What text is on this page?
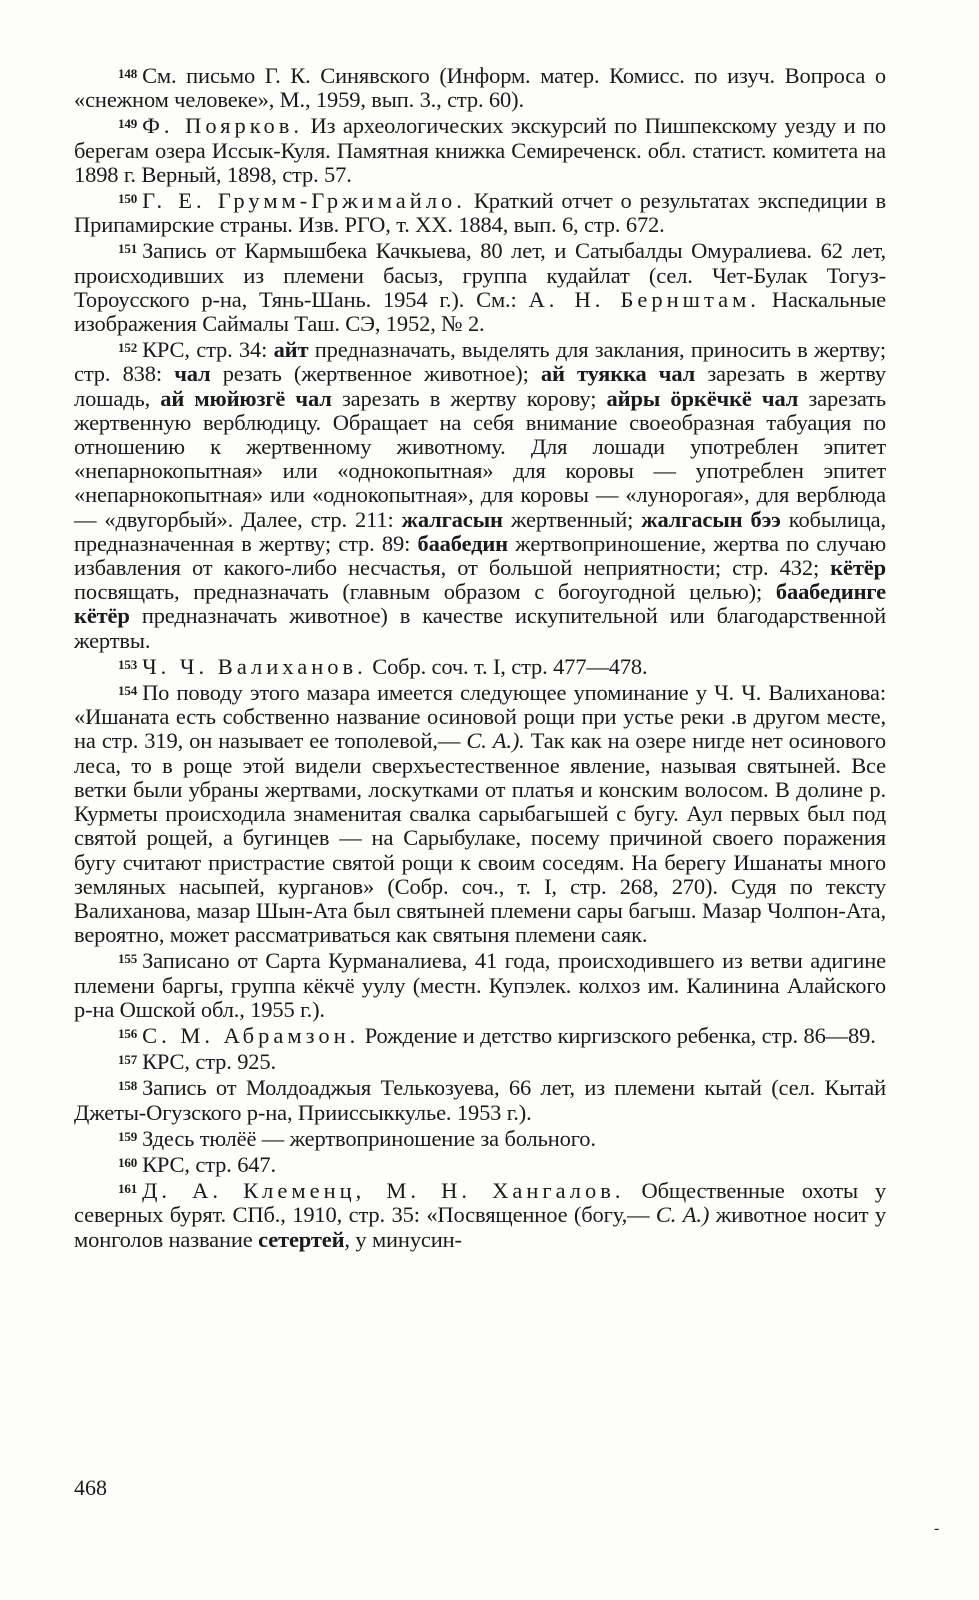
$^{148}$ См. письмо Г. К. Синявского (Информ. матер. Комисс. по изуч. Вопроса о «снежном человеке», М., 1959, вып. 3., стр. 60).

$^{149}$ Ф. Поярков. Из археологических экскурсий по Пишпекскому уезду и по берегам озера Иссык-Куля. Памятная книжка Семиреченск. обл. статист. комитета на 1898 г. Верный, 1898, стр. 57.

$^{150}$ Г. Е. Грумм-Гржимайло. Краткий отчет о результатах экспедиции в Припамирские страны. Изв. РГО, т. XX. 1884, вып. 6, стр. 672.

$^{151}$ Запись от Кармышбека Качкыева, 80 лет, и Сатыбалды Омуралиева. 62 лет, происходивших из племени басыз, группа кудайлат (сел. Чет-Булак Тогуз-Тороусского р-на, Тянь-Шань. 1954 г.). См.: А. Н. Бернштам. Наскальные изображения Саймалы Таш. СЭ, 1952, № 2.

$^{152}$ КРС, стр. 34: айт предназначать, выделять для заклания, приносить в жертву; стр. 838: чал резать (жертвенное животное); ай туякка чал зарезать в жертву лошадь, ай мюйюзгё чал зарезать в жертву корову; айры ӧркёчкё чал зарезать жертвенную верблюдицу. Обращает на себя внимание своеобразная табуация по отношению к жертвенному животному. Для лошади употреблен эпитет «непарнокопытная» или «однокопытная» для коровы — употреблен эпитет «непарнокопытная» или «однокопытная», для коровы — «лунорогая», для верблюда — «двугорбый». Далее, стр. 211: жалгасын жертвенный; жалгасын бээ кобылица, предназначенная в жертву; стр. 89: баабедин жертвоприношение, жертва по случаю избавления от какого-либо несчастья, от большой неприятности; стр. 432; кётёр посвящать, предназначать (главным образом с богоугодной целью); баабединге кётёр предназначать животное) в качестве искупительной или благодарственной жертвы.

$^{153}$ Ч. Ч. Валиханов. Собр. соч. т. I, стр. 477—478.

$^{154}$ По поводу этого мазара имеется следующее упоминание у Ч. Ч. Валиханова: «Ишаната есть собственно название осиновой рощи при устье реки .в другом месте, на стр. 319, он называет ее тополевой,— С. А.). Так как на озере нигде нет осинового леса, то в роще этой видели сверхъестественное явление, называя святыней. Все ветки были убраны жертвами, лоскутками от платья и конским волосом. В долине р. Курметы происходила знаменитая свалка сарыбагышей с бугу. Аул первых был под святой рощей, а бугинцев — на Сарыбулаке, посему причиной своего поражения бугу считают пристрастие святой рощи к своим соседям. На берегу Ишанаты много земляных насыпей, курганов» (Собр. соч., т. I, стр. 268, 270). Судя по тексту Валиханова, мазар Шын-Ата был святыней племени сары багыш. Мазар Чолпон-Ата, вероятно, может рассматриваться как святыня племени саяк.

$^{155}$ Записано от Сарта Курманалиева, 41 года, происходившего из ветви адигине племени баргы, группа кёкчё уулу (местн. Купэлек. колхоз им. Калинина Алайского р-на Ошской обл., 1955 г.).

$^{156}$ С. М. Абрамзон. Рождение и детство киргизского ребенка, стр. 86—89.

$^{157}$ КРС, стр. 925.

$^{158}$ Запись от Молдоаджыя Телькозуева, 66 лет, из племени кытай (сел. Кытай Джеты-Огузского р-на, Приисcыккулье. 1953 г.).

$^{159}$ Здесь тюлёё — жертвоприношение за больного.

$^{160}$ КРС, стр. 647.

$^{161}$ Д. А. Клеменц, М. Н. Хангалов. Общественные охоты у северных бурят. СПб., 1910, стр. 35: «Посвященное (богу,— С. А.) животное носит у монголов название сетертей, у минусин-

468
-
